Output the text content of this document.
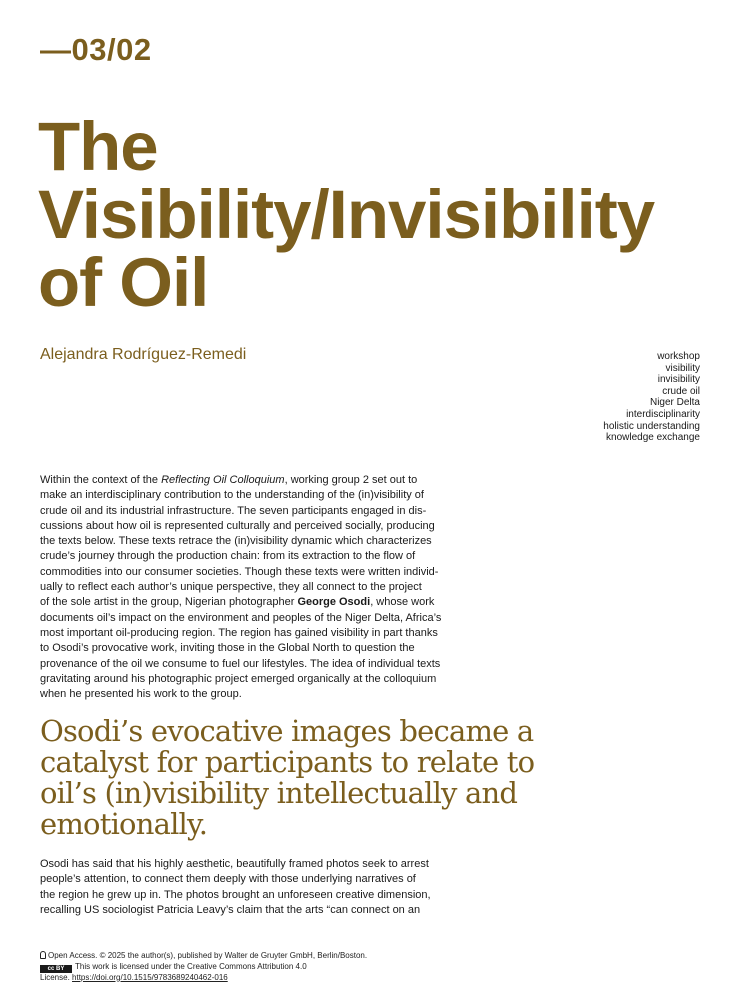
—03/02
The
Visibility/Invisibility
of Oil
Alejandra Rodríguez-Remedi	workshop
visibility
invisibility
crude oil
Niger Delta
interdisciplinarity
holistic understanding
knowledge exchange
Within the context of the Reflecting Oil Colloquium, working group 2 set out to
make an interdisciplinary contribution to the understanding of the (in)visibility of
crude oil and its industrial infrastructure. The seven participants engaged in dis-
cussions about how oil is represented culturally and perceived socially, producing
the texts below. These texts retrace the (in)visibility dynamic which characterizes
crude’s journey through the production chain: from its extraction to the flow of
commodities into our consumer societies. Though these texts were written individ-
ually to reflect each author’s unique perspective, they all connect to the project
of the sole artist in the group, Nigerian photographer George Osodi, whose work
documents oil’s impact on the environment and peoples of the Niger Delta, Africa’s
most important oil-producing region. The region has gained visibility in part thanks
to Osodi’s provocative work, inviting those in the Global North to question the
provenance of the oil we consume to fuel our lifestyles. The idea of individual texts
gravitating around his photographic project emerged organically at the colloquium
when he presented his work to the group.
Osodi’s evocative images became a
catalyst for participants to relate to
oil’s (in)visibility intellectually and
emotionally.
Osodi has said that his highly aesthetic, beautifully framed photos seek to arrest
people’s attention, to connect them deeply with those underlying narratives of
the region he grew up in. The photos brought an unforeseen creative dimension,
recalling US sociologist Patricia Leavy’s claim that the arts “can connect on an
Open Access. © 2025 the author(s), published by Walter de Gruyter GmbH, Berlin/Boston.
cc BY This work is licensed under the Creative Commons Attribution 4.0
License. https://doi.org/10.1515/9783689240462-016
